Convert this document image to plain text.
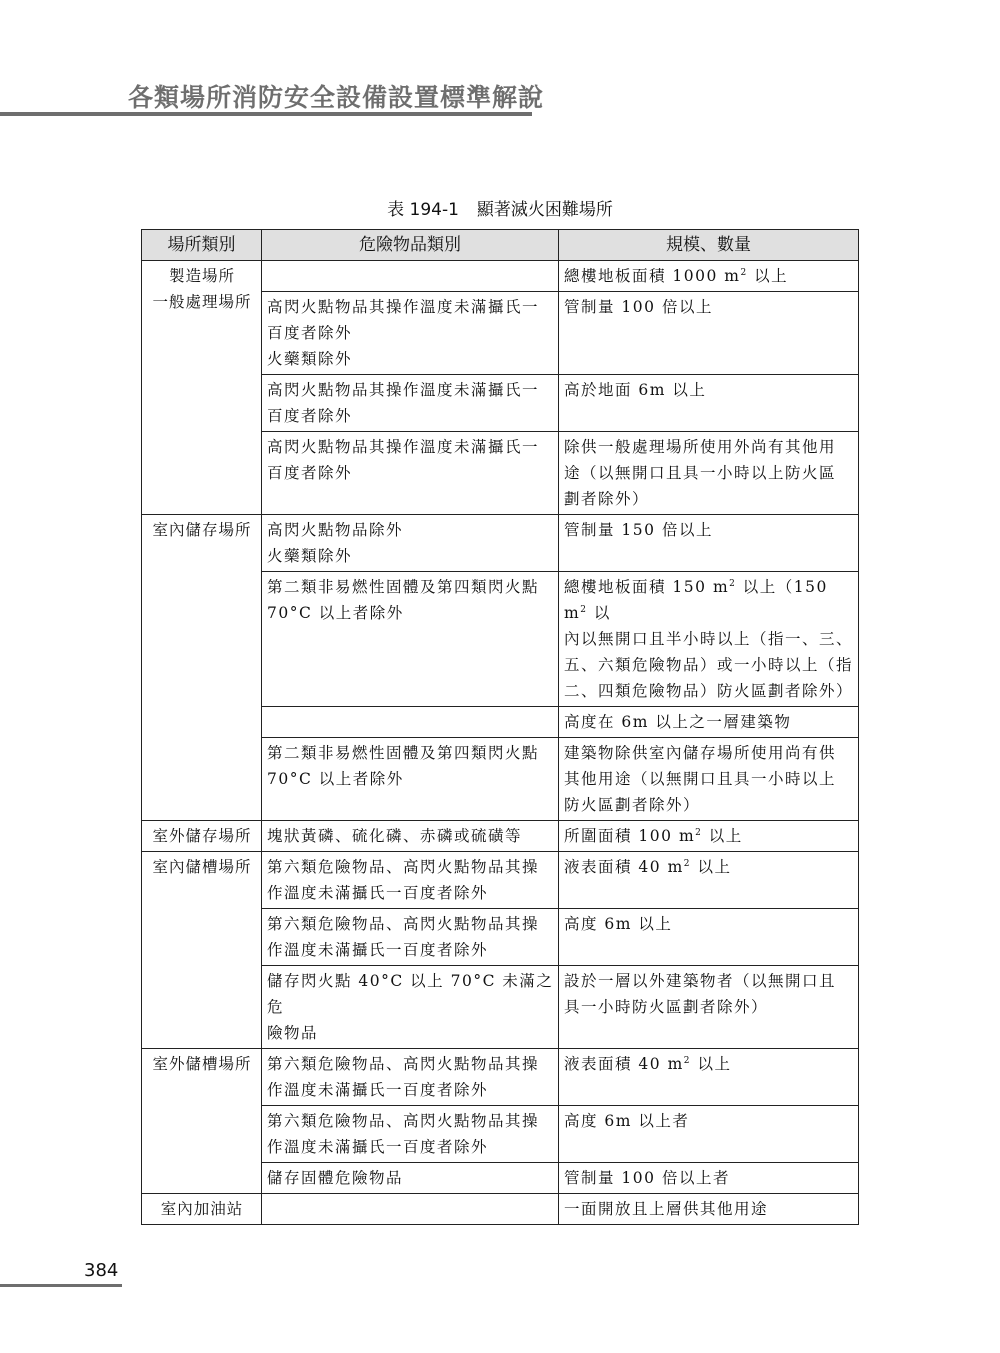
各類場所消防安全設備設置標準解說
表 194-1 顯著滅火困難場所
場所類別	危險物品類別	規模、數量

製造場所
一般處理場所		總樓地板面積 1000 $m^2$ 以上

	高閃火點物品其操作溫度未滿攝氏一
百度者除外
火藥類除外	管制量 100 倍以上

	高閃火點物品其操作溫度未滿攝氏一
百度者除外	高於地面 6m 以上

	高閃火點物品其操作溫度未滿攝氏一
百度者除外	除供一般處理場所使用外尚有其他用
途（以無開口且具一小時以上防火區
劃者除外）

室內儲存場所	高閃火點物品除外
火藥類除外	管制量 150 倍以上

	第二類非易燃性固體及第四類閃火點
70°C 以上者除外	總樓地板面積 150 $m^2$ 以上（150 $m^2$ 以
內以無開口且半小時以上（指一、三、
五、六類危險物品）或一小時以上（指
二、四類危險物品）防火區劃者除外）

		高度在 6m 以上之一層建築物

	第二類非易燃性固體及第四類閃火點
70°C 以上者除外	建築物除供室內儲存場所使用尚有供
其他用途（以無開口且具一小時以上
防火區劃者除外）

室外儲存場所	塊狀黃磷、硫化磷、赤磷或硫磺等	所圍面積 100 $m^2$ 以上

室內儲槽場所	第六類危險物品、高閃火點物品其操
作溫度未滿攝氏一百度者除外	液表面積 40 $m^2$ 以上

	第六類危險物品、高閃火點物品其操
作溫度未滿攝氏一百度者除外	高度 6m 以上

	儲存閃火點 40°C 以上 70°C 未滿之危
險物品	設於一層以外建築物者（以無開口且
具一小時防火區劃者除外）

室外儲槽場所	第六類危險物品、高閃火點物品其操
作溫度未滿攝氏一百度者除外	液表面積 40 $m^2$ 以上

	第六類危險物品、高閃火點物品其操
作溫度未滿攝氏一百度者除外	高度 6m 以上者

	儲存固體危險物品	管制量 100 倍以上者

室內加油站		一面開放且上層供其他用途
384
